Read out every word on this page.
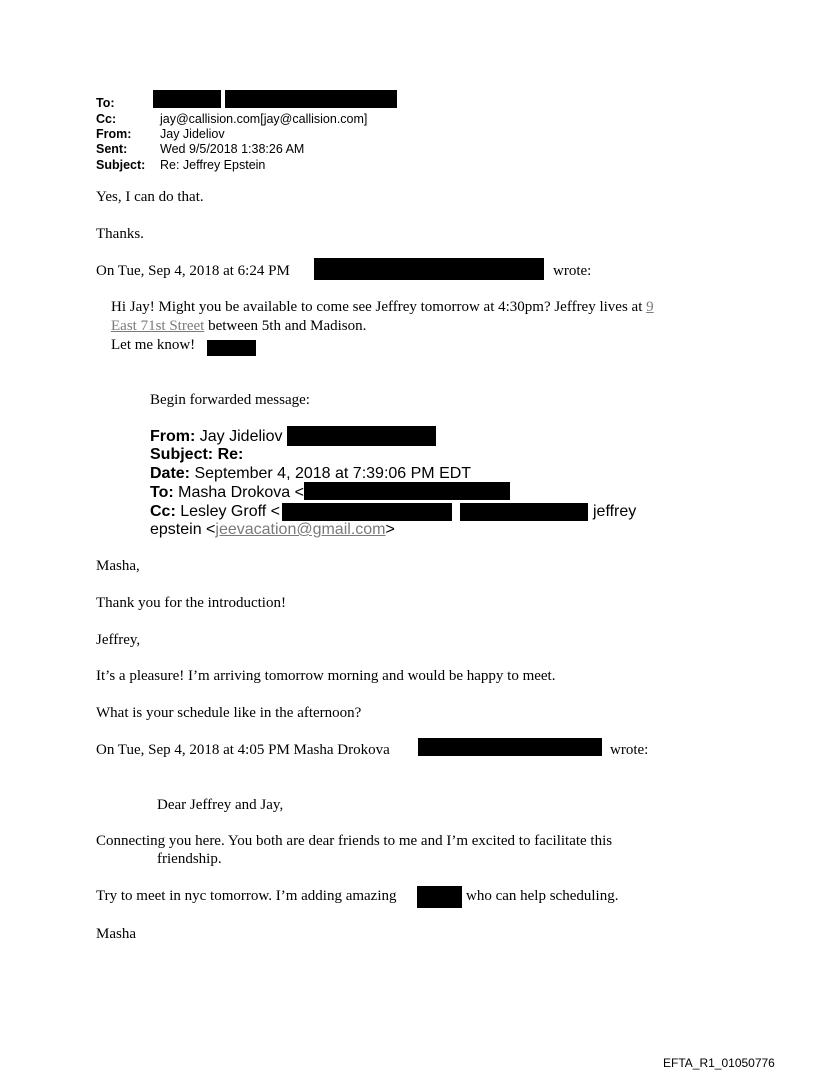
To:
Cc:	jay@callision.com[jay@callision.com]
From: Jay Jideliov
Sent:	Wed 9/5/2018 1:38:26 AM
Subject: Re: Jeffrey Epstein
Yes, I can do that.
Thanks.
On Tue, Sep 4, 2018 at 6:24 PM	wrote:
Hi Jay! Might you be available to come see Jeffrey tomorrow at 4:30pm? Jeffrey lives at 9
East 71st Street between 5th and Madison.
Let me know!
Begin forwarded message:
From: Jay Jideliov
Subject: Re:
Date: September 4, 2018 at 7:39:06 PM EDT
To: Masha Drokova <
Cc: Lesley Groff <	jeffrey
epstein <jeevacation@gmail.com>
Masha,
Thank you for the introduction!
Jeffrey,
It’s a pleasure! I’m arriving tomorrow morning and would be happy to meet.
What is your schedule like in the afternoon?
On Tue, Sep 4, 2018 at 4:05 PM Masha Drokova	wrote:
Dear Jeffrey and Jay,
Connecting you here. You both are dear friends to me and I’m excited to facilitate this
friendship.
Try to meet in nyc tomorrow. I’m adding amazing	who can help scheduling.
Masha
EFTA_R1_01050776
